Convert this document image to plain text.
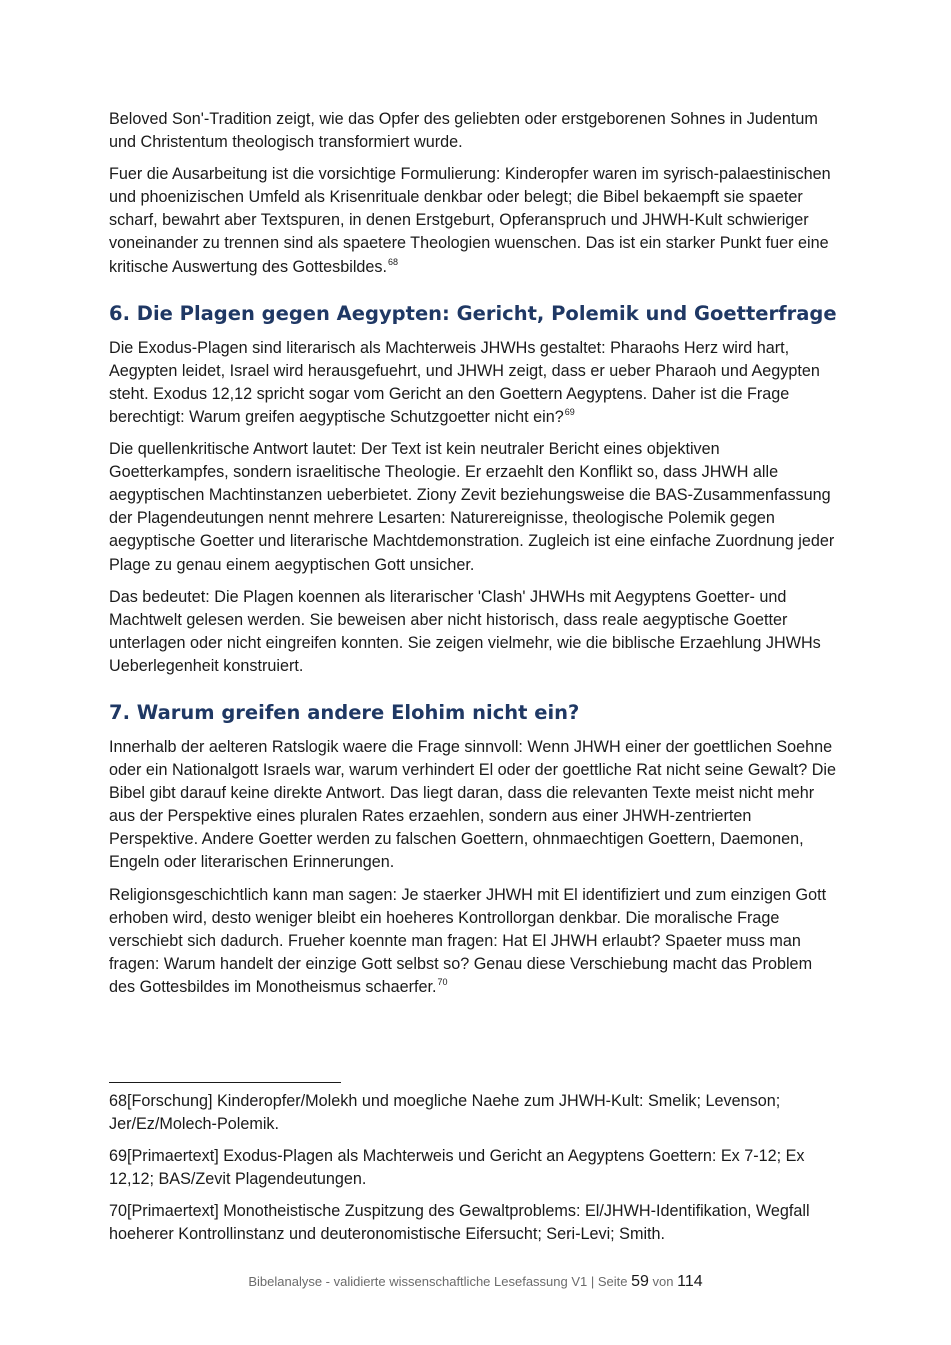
Beloved Son'-Tradition zeigt, wie das Opfer des geliebten oder erstgeborenen Sohnes in Judentum und Christentum theologisch transformiert wurde.

Fuer die Ausarbeitung ist die vorsichtige Formulierung: Kinderopfer waren im syrisch-palaestinischen und phoenizischen Umfeld als Krisenrituale denkbar oder belegt; die Bibel bekaempft sie spaeter scharf, bewahrt aber Textspuren, in denen Erstgeburt, Opferanspruch und JHWH-Kult schwieriger voneinander zu trennen sind als spaetere Theologien wuenschen. Das ist ein starker Punkt fuer eine kritische Auswertung des Gottesbildes.$^{68}$

6. Die Plagen gegen Aegypten: Gericht, Polemik und Goetterfrage

Die Exodus-Plagen sind literarisch als Machterweis JHWHs gestaltet: Pharaohs Herz wird hart, Aegypten leidet, Israel wird herausgefuehrt, und JHWH zeigt, dass er ueber Pharaoh und Aegypten steht. Exodus 12,12 spricht sogar vom Gericht an den Goettern Aegyptens. Daher ist die Frage berechtigt: Warum greifen aegyptische Schutzgoetter nicht ein?$^{69}$

Die quellenkritische Antwort lautet: Der Text ist kein neutraler Bericht eines objektiven Goetterkampfes, sondern israelitische Theologie. Er erzaehlt den Konflikt so, dass JHWH alle aegyptischen Machtinstanzen ueberbietet. Ziony Zevit beziehungsweise die BAS-Zusammenfassung der Plagendeutungen nennt mehrere Lesarten: Naturereignisse, theologische Polemik gegen aegyptische Goetter und literarische Machtdemonstration. Zugleich ist eine einfache Zuordnung jeder Plage zu genau einem aegyptischen Gott unsicher.

Das bedeutet: Die Plagen koennen als literarischer 'Clash' JHWHs mit Aegyptens Goetter- und Machtwelt gelesen werden. Sie beweisen aber nicht historisch, dass reale aegyptische Goetter unterlagen oder nicht eingreifen konnten. Sie zeigen vielmehr, wie die biblische Erzaehlung JHWHs Ueberlegenheit konstruiert.

7. Warum greifen andere Elohim nicht ein?

Innerhalb der aelteren Ratslogik waere die Frage sinnvoll: Wenn JHWH einer der goettlichen Soehne oder ein Nationalgott Israels war, warum verhindert El oder der goettliche Rat nicht seine Gewalt? Die Bibel gibt darauf keine direkte Antwort. Das liegt daran, dass die relevanten Texte meist nicht mehr aus der Perspektive eines pluralen Rates erzaehlen, sondern aus einer JHWH-zentrierten Perspektive. Andere Goetter werden zu falschen Goettern, ohnmaechtigen Goettern, Daemonen, Engeln oder literarischen Erinnerungen.

Religionsgeschichtlich kann man sagen: Je staerker JHWH mit El identifiziert und zum einzigen Gott erhoben wird, desto weniger bleibt ein hoeheres Kontrollorgan denkbar. Die moralische Frage verschiebt sich dadurch. Frueher koennte man fragen: Hat El JHWH erlaubt? Spaeter muss man fragen: Warum handelt der einzige Gott selbst so? Genau diese Verschiebung macht das Problem des Gottesbildes im Monotheismus schaerfer.$^{70}$

68[Forschung] Kinderopfer/Molekh und moegliche Naehe zum JHWH-Kult: Smelik; Levenson; Jer/Ez/Molech-Polemik.

69[Primaertext] Exodus-Plagen als Machterweis und Gericht an Aegyptens Goettern: Ex 7-12; Ex 12,12; BAS/Zevit Plagendeutungen.

70[Primaertext] Monotheistische Zuspitzung des Gewaltproblems: El/JHWH-Identifikation, Wegfall hoeherer Kontrollinstanz und deuteronomistische Eifersucht; Seri-Levi; Smith.

Bibelanalyse - validierte wissenschaftliche Lesefassung V1 | Seite 59 von 114
